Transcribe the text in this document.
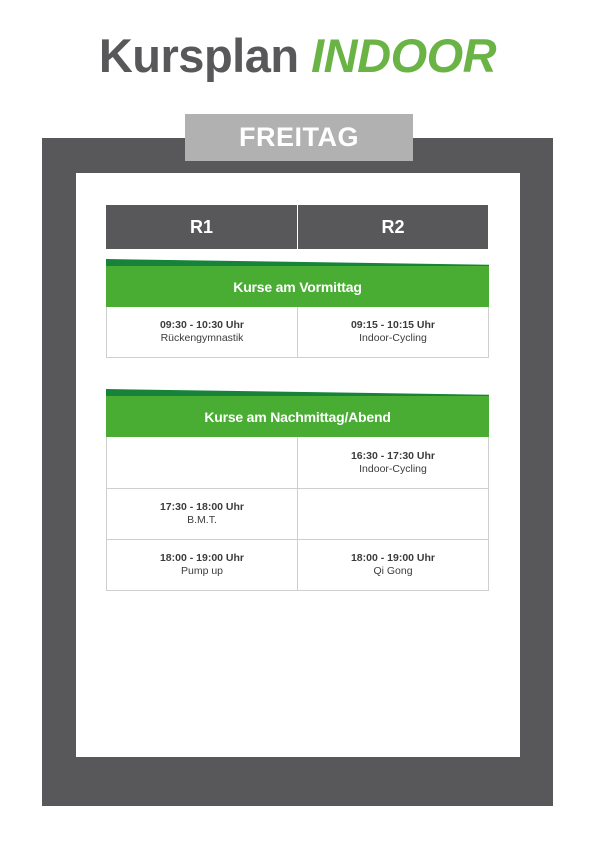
Kursplan INDOOR
FREITAG
R1	R2
Kurse am Vormittag
09:30 - 10:30 Uhr
Rückengymnastik
09:15 - 10:15 Uhr
Indoor-Cycling
Kurse am Nachmittag/Abend
16:30 - 17:30 Uhr
Indoor-Cycling
17:30 - 18:00 Uhr
B.M.T.
18:00 - 19:00 Uhr
Pump up
18:00 - 19:00 Uhr
Qi Gong
